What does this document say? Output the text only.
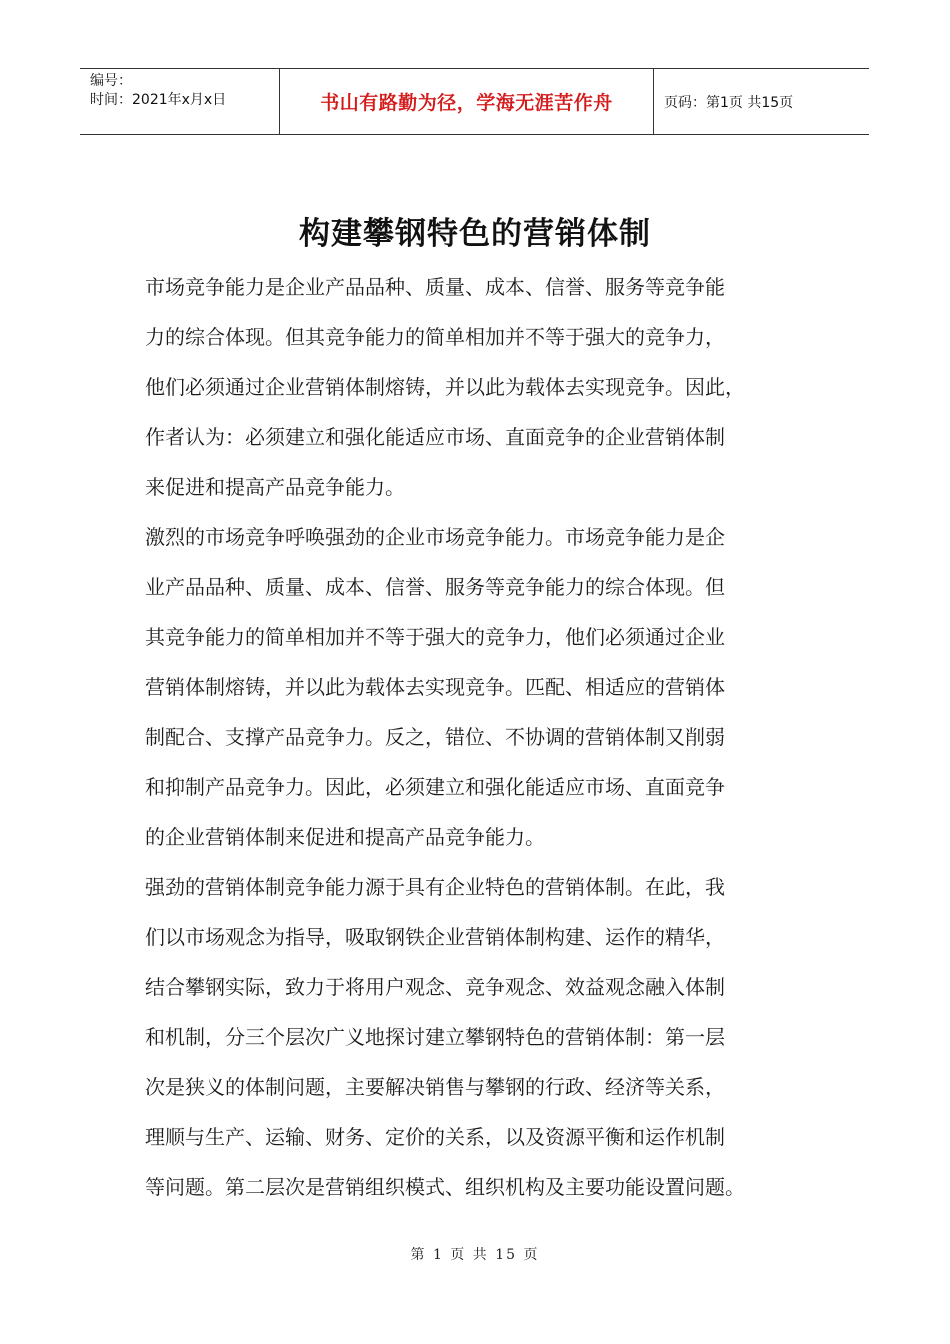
编号：
时间：2021年x月x日	书山有路勤为径，学海无涯苦作舟	页码：第1页 共15页
构建攀钢特色的营销体制
市场竞争能力是企业产品品种、质量、成本、信誉、服务等竞争能
力的综合体现。但其竞争能力的简单相加并不等于强大的竞争力，
他们必须通过企业营销体制熔铸，并以此为载体去实现竞争。因此，
作者认为：必须建立和强化能适应市场、直面竞争的企业营销体制
来促进和提高产品竞争能力。
激烈的市场竞争呼唤强劲的企业市场竞争能力。市场竞争能力是企
业产品品种、质量、成本、信誉、服务等竞争能力的综合体现。但
其竞争能力的简单相加并不等于强大的竞争力，他们必须通过企业
营销体制熔铸，并以此为载体去实现竞争。匹配、相适应的营销体
制配合、支撑产品竞争力。反之，错位、不协调的营销体制又削弱
和抑制产品竞争力。因此，必须建立和强化能适应市场、直面竞争
的企业营销体制来促进和提高产品竞争能力。
强劲的营销体制竞争能力源于具有企业特色的营销体制。在此，我
们以市场观念为指导，吸取钢铁企业营销体制构建、运作的精华，
结合攀钢实际，致力于将用户观念、竞争观念、效益观念融入体制
和机制，分三个层次广义地探讨建立攀钢特色的营销体制：第一层
次是狭义的体制问题，主要解决销售与攀钢的行政、经济等关系，
理顺与生产、运输、财务、定价的关系，以及资源平衡和运作机制
等问题。第二层次是营销组织模式、组织机构及主要功能设置问题。
第 1 页 共 15 页
